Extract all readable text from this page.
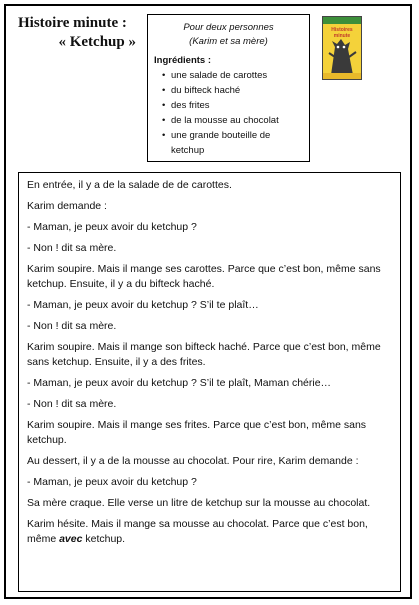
Histoire minute :
« Ketchup »
Pour deux personnes
(Karim et sa mère)
Ingrédients :
• une salade de carottes
• du bifteck haché
• des frites
• de la mousse au chocolat
• une grande bouteille de ketchup
Histoires
minute

En entrée, il y a de la salade de de carottes.

Karim demande :

- Maman, je peux avoir du ketchup ?

- Non ! dit sa mère.

Karim soupire. Mais il mange ses carottes. Parce que c’est bon, même sans ketchup. Ensuite, il y a du bifteck haché.

- Maman, je peux avoir du ketchup ? S’il te plaît…

- Non ! dit sa mère.

Karim soupire. Mais il mange son bifteck haché. Parce que c’est bon, même sans ketchup. Ensuite, il y a des frites.

- Maman, je peux avoir du ketchup ? S’il te plaît, Maman chérie…

- Non ! dit sa mère.

Karim soupire. Mais il mange ses frites. Parce que c’est bon, même sans ketchup.

Au dessert, il y a de la mousse au chocolat. Pour rire, Karim demande :

- Maman, je peux avoir du ketchup ?

Sa mère craque. Elle verse un litre de ketchup sur la mousse au chocolat.

Karim hésite. Mais il mange sa mousse au chocolat. Parce que c’est bon, même avec ketchup.
